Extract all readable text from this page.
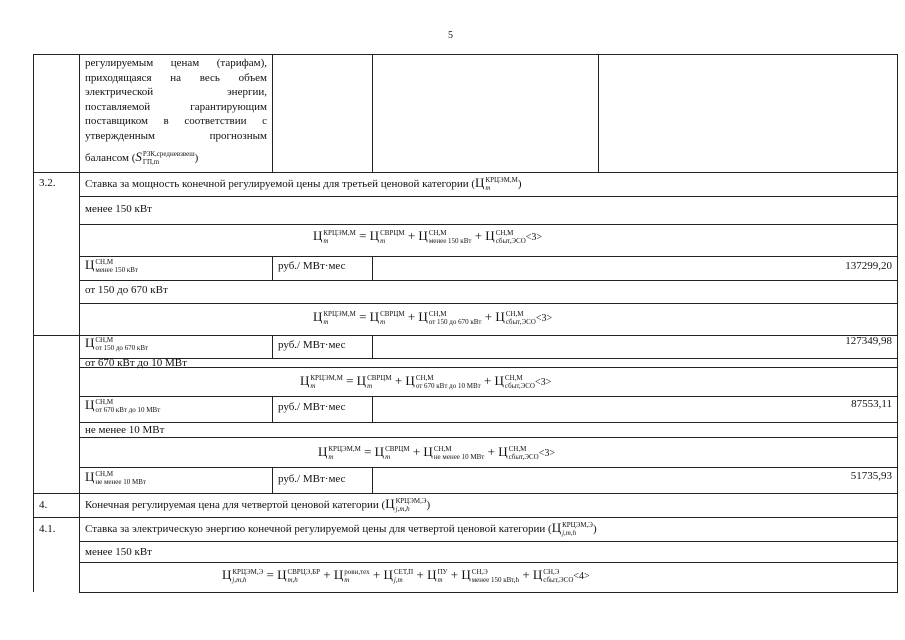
5
регулируемым ценам (тарифам),
приходящаяся на весь объем
электрической энергии,
поставляемой гарантирующим
поставщиком в соответствии с
утвержденным прогнозным
балансом (S РЗК,средневзвеш
ГП,m	)
3.2.	Ставка за мощность конечной регулируемой цены для третьей ценовой категории (Ц КРЦЭМ,М
m	)
менее 150 кВт
Ц КРЦЭМ,М
m	= Ц СВРЦМ
m	+ Ц СН,М
менее 150 кВт + Ц СН,М
сбыт,ЭСО <3>
Ц СН,М
менее 150 кВт	руб./ МВт·мес	137299,20
от 150 до 670 кВт
Ц КРЦЭМ,М
m	= Ц СВРЦМ
m	+ Ц СН,М
от 150 до 670 кВт + Ц СН,М
сбыт,ЭСО <3>
Ц СН,М
от 150 до 670 кВт	руб./ МВт·мес	127349,98
от 670 кВт до 10 МВт
Ц КРЦЭМ,М
m	= Ц СВРЦМ
m	+ Ц СН,М
от 670 кВт до 10 МВт + Ц СН,М
сбыт,ЭСО <3>
Ц СН,М
от 670 кВт до 10 МВт	руб./ МВт·мес	87553,11
не менее 10 МВт
Ц КРЦЭМ,М
m	= Ц СВРЦМ
m	+ Ц СН,М
не менее 10 МВт + Ц СН,М
сбыт,ЭСО <3>
Ц СН,М
не менее 10 МВт	руб./ МВт·мес	51735,93
4.	Конечная регулируемая цена для четвертой ценовой категории (Ц КРЦЭМ,Э
j,m,h	)
4.1.	Ставка за электрическую энергию конечной регулируемой цены для четвертой ценовой категории (Ц КРЦЭМ,Э
j,m,h	)
менее 150 кВт
Ц КРЦЭМ,Э
j,m,h	= Ц СВРЦЭ,БР
m,h	+ Ц ровн,тех
m	+ Ц СЕТ,П
j,m + Ц ПУ
m + Ц СН,Э
менее 150 кВт,h + Ц СН,Э
сбыт,ЭСО <4>
